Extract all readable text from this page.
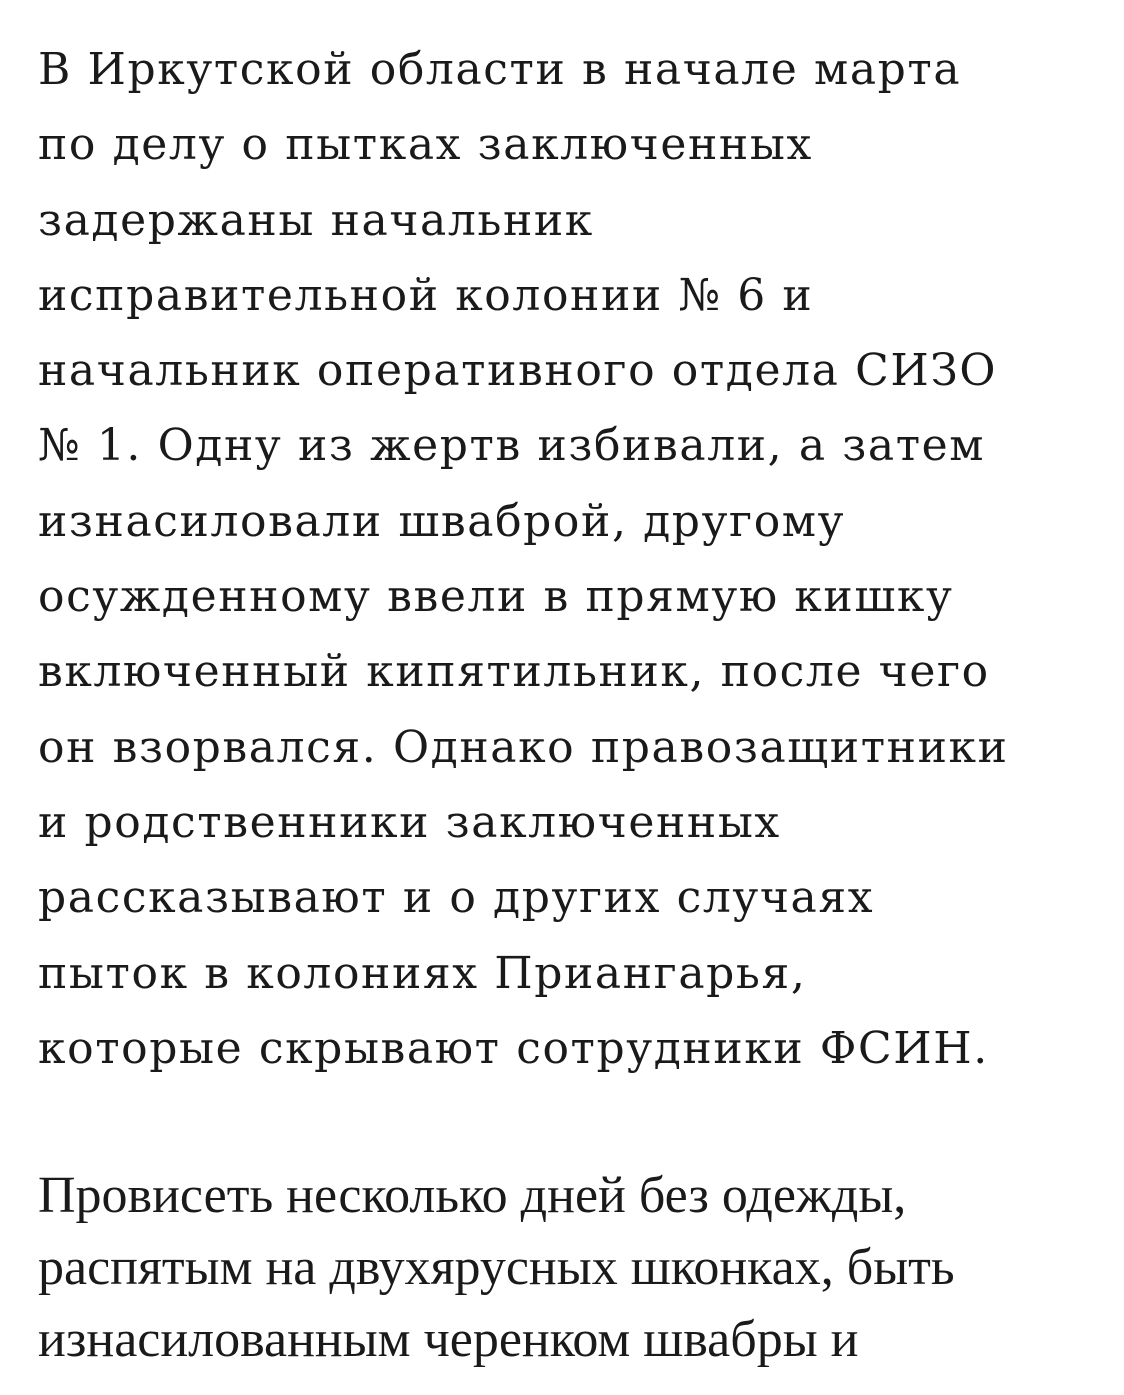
В Иркутской области в начале марта
по делу о пытках заключенных
задержаны начальник
исправительной колонии № 6 и
начальник оперативного отдела СИЗО
№ 1. Одну из жертв избивали, а затем
изнасиловали шваброй, другому
осужденному ввели в прямую кишку
включенный кипятильник, после чего
он взорвался. Однако правозащитники
и родственники заключенных
рассказывают и о других случаях
пыток в колониях Приангарья,
которые скрывают сотрудники ФСИН.

Провисеть несколько дней без одежды,
распятым на двухярусных шконках, быть
изнасилованным черенком швабры и
